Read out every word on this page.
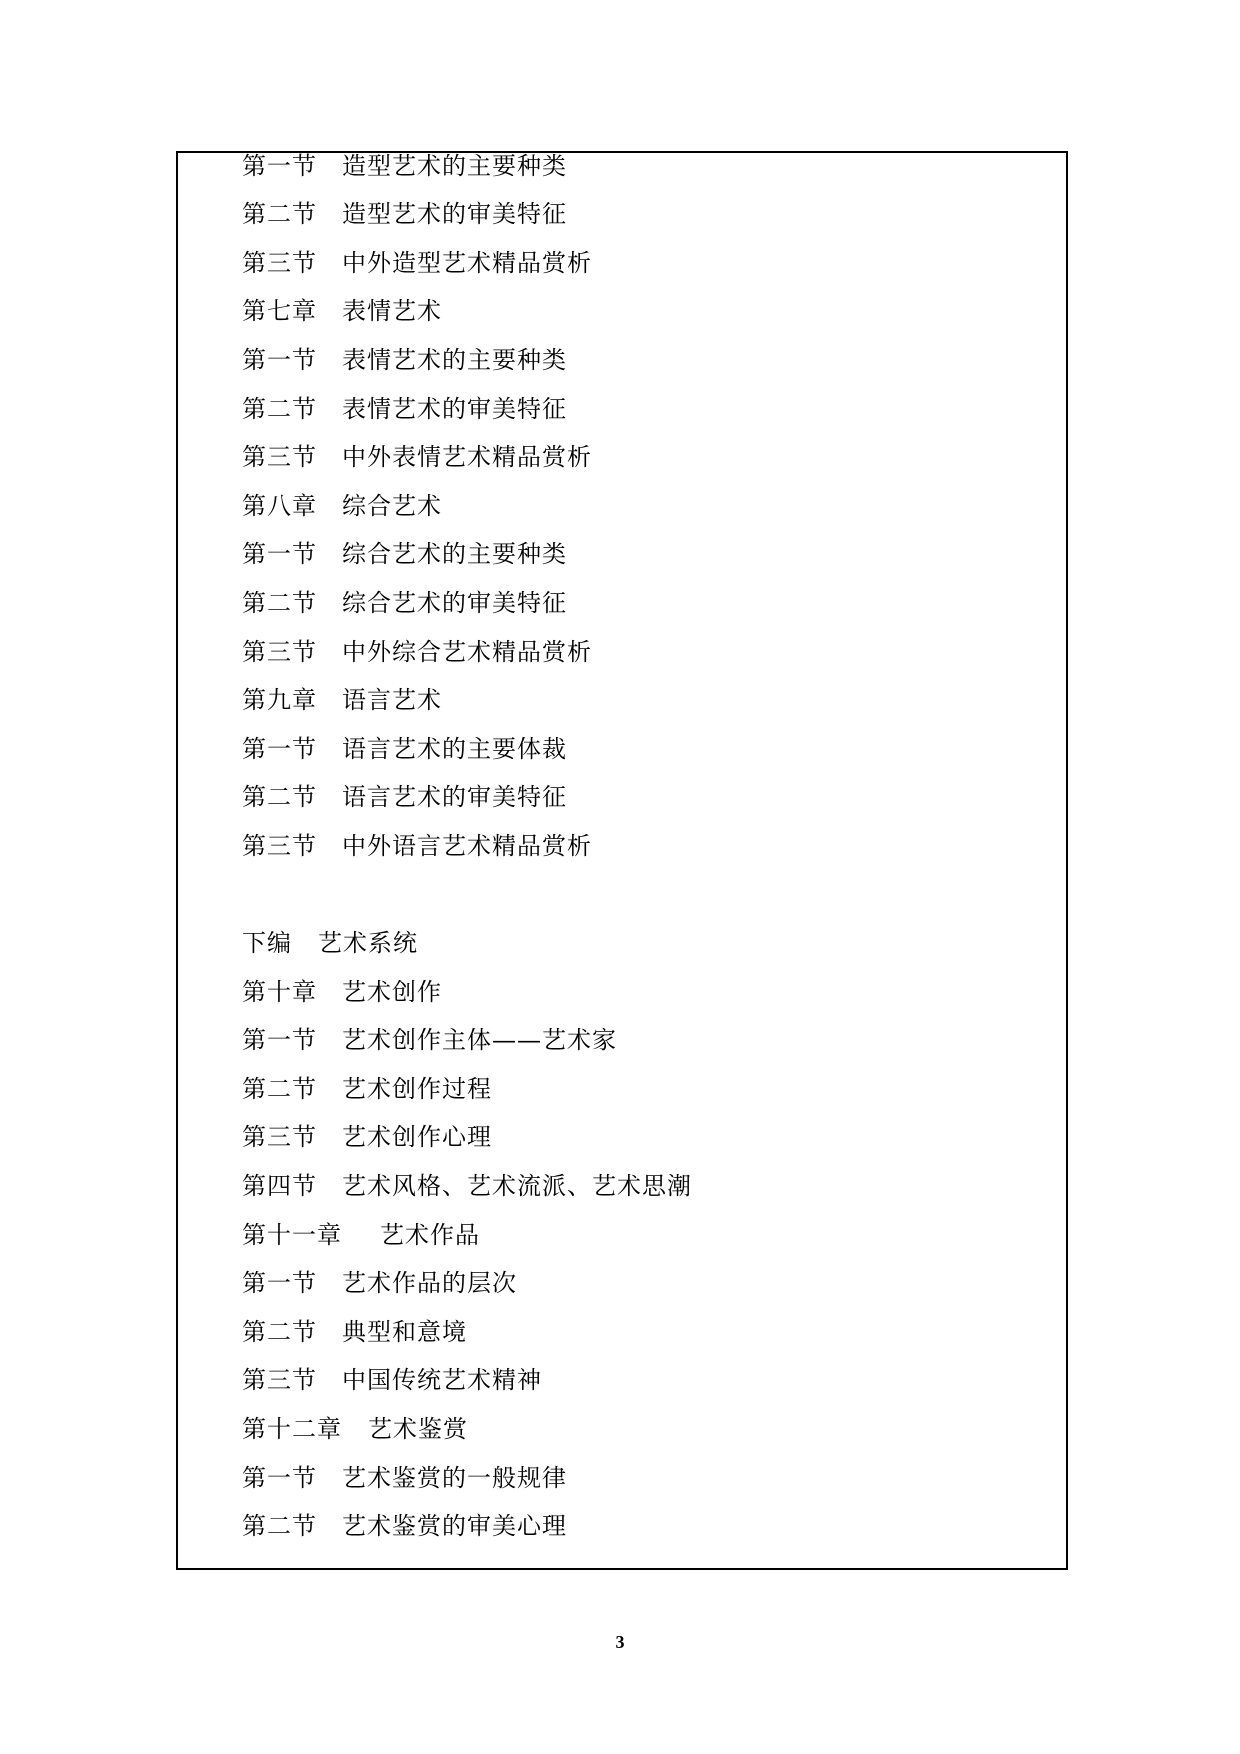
第一节 造型艺术的主要种类
第二节 造型艺术的审美特征
第三节 中外造型艺术精品赏析
第七章 表情艺术
第一节 表情艺术的主要种类
第二节 表情艺术的审美特征
第三节 中外表情艺术精品赏析
第八章 综合艺术
第一节 综合艺术的主要种类
第二节 综合艺术的审美特征
第三节 中外综合艺术精品赏析
第九章 语言艺术
第一节 语言艺术的主要体裁
第二节 语言艺术的审美特征
第三节 中外语言艺术精品赏析
下编 艺术系统
第十章 艺术创作
第一节 艺术创作主体——艺术家
第二节 艺术创作过程
第三节 艺术创作心理
第四节 艺术风格、艺术流派、艺术思潮
第十一章 艺术作品
第一节 艺术作品的层次
第二节 典型和意境
第三节 中国传统艺术精神
第十二章 艺术鉴赏
第一节 艺术鉴赏的一般规律
第二节 艺术鉴赏的审美心理
3
